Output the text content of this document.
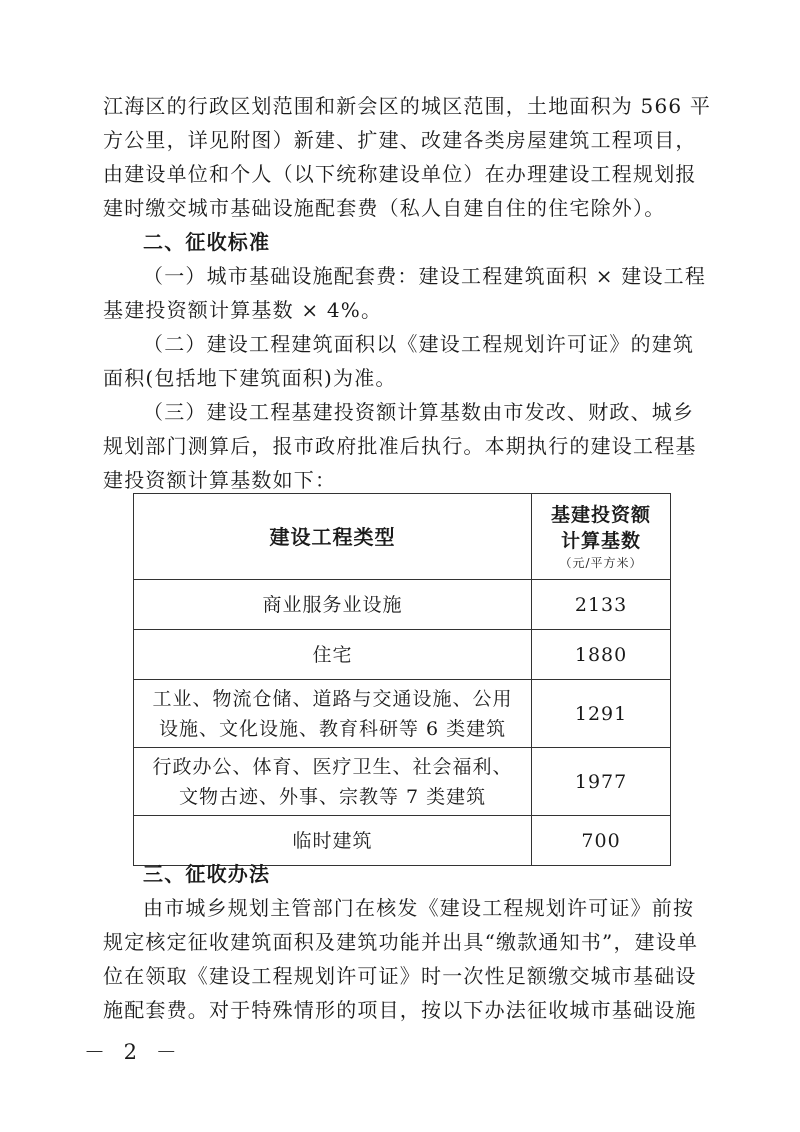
江海区的行政区划范围和新会区的城区范围，土地面积为 566 平
方公里，详见附图）新建、扩建、改建各类房屋建筑工程项目，
由建设单位和个人（以下统称建设单位）在办理建设工程规划报
建时缴交城市基础设施配套费（私人自建自住的住宅除外）。
二、征收标准
（一）城市基础设施配套费：建设工程建筑面积 × 建设工程
基建投资额计算基数 × 4%。
（二）建设工程建筑面积以《建设工程规划许可证》的建筑
面积(包括地下建筑面积)为准。
（三）建设工程基建投资额计算基数由市发改、财政、城乡
规划部门测算后，报市政府批准后执行。本期执行的建设工程基
建投资额计算基数如下：
建设工程类型	基建投资额
计算基数
（元/平方米）

商业服务业设施	2133

住宅	1880

工业、物流仓储、道路与交通设施、公用
设施、文化设施、教育科研等 6 类建筑	1291

行政办公、体育、医疗卫生、社会福利、
文物古迹、外事、宗教等 7 类建筑	1977

临时建筑	700
三、征收办法
由市城乡规划主管部门在核发《建设工程规划许可证》前按
规定核定征收建筑面积及建筑功能并出具“缴款通知书”，建设单
位在领取《建设工程规划许可证》时一次性足额缴交城市基础设
施配套费。对于特殊情形的项目，按以下办法征收城市基础设施
－ 2 －
